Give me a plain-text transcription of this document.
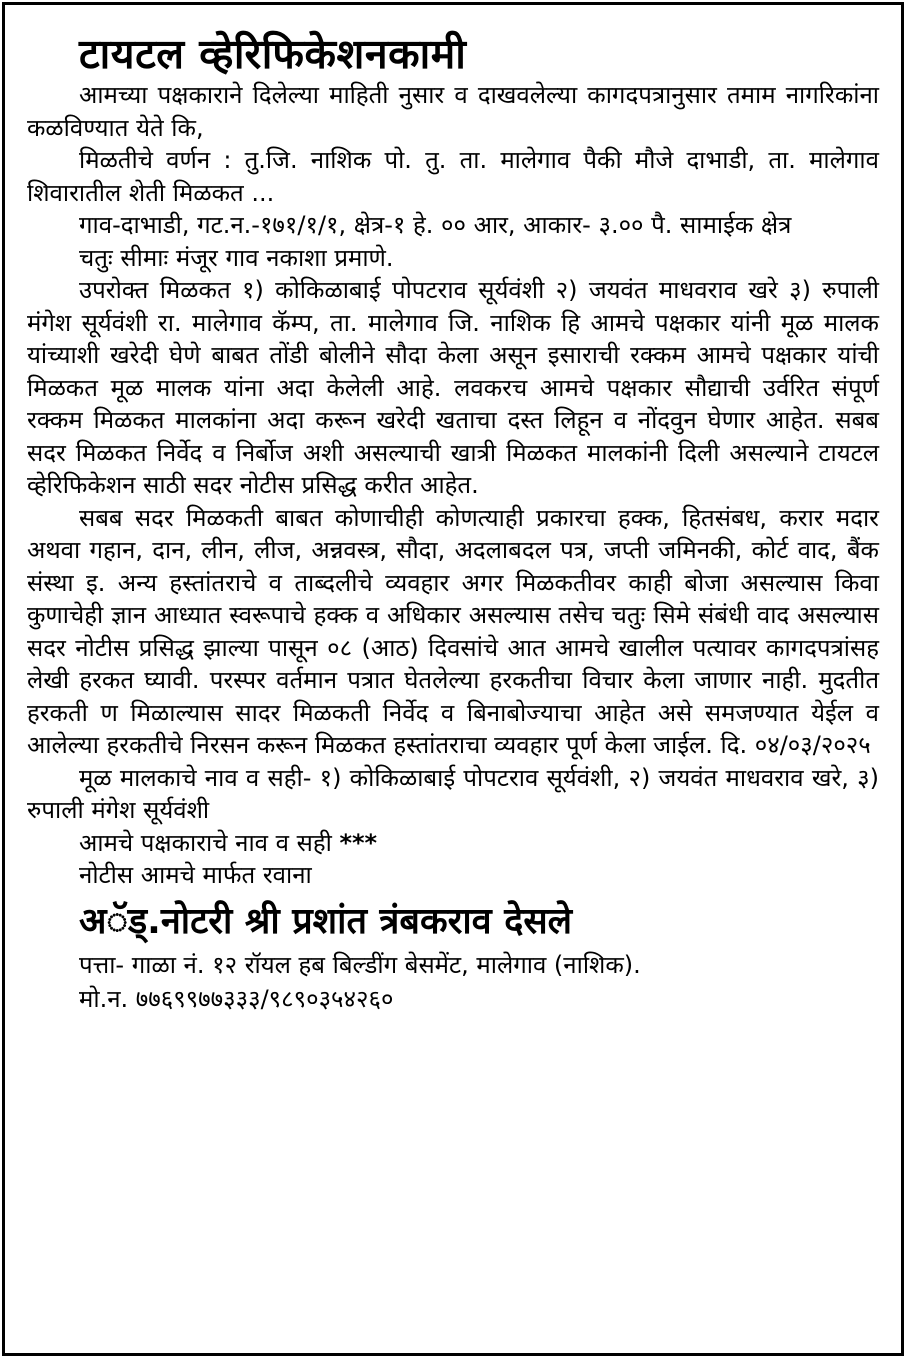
टायटल व्हेरिफिकेशनकामी

आमच्या पक्षकाराने दिलेल्या माहिती नुसार व दाखवलेल्या कागदपत्रानुसार तमाम नागरिकांना कळविण्यात येते कि,

मिळतीचे वर्णन : तु.जि. नाशिक पो. तु. ता. मालेगाव पैकी मौजे दाभाडी, ता. मालेगाव शिवारातील शेती मिळकत ...

गाव-दाभाडी, गट.न.-१७१/१/१, क्षेत्र-१ हे. ०० आर, आकार- ३.०० पै. सामाईक क्षेत्र

चतुः सीमाः मंजूर गाव नकाशा प्रमाणे.

उपरोक्त मिळकत १) कोकिळाबाई पोपटराव सूर्यवंशी २) जयवंत माधवराव खरे ३) रुपाली मंगेश सूर्यवंशी रा. मालेगाव कॅम्प, ता. मालेगाव जि. नाशिक हि आमचे पक्षकार यांनी मूळ मालक यांच्याशी खरेदी घेणे बाबत तोंडी बोलीने सौदा केला असून इसाराची रक्कम आमचे पक्षकार यांची मिळकत मूळ मालक यांना अदा केलेली आहे. लवकरच आमचे पक्षकार सौद्याची उर्वरित संपूर्ण रक्कम मिळकत मालकांना अदा करून खरेदी खताचा दस्त लिहून व नोंदवुन घेणार आहेत. सबब सदर मिळकत निर्वेद व निर्बोज अशी असल्याची खात्री मिळकत मालकांनी दिली असल्याने टायटल व्हेरिफिकेशन साठी सदर नोटीस प्रसिद्ध करीत आहेत.

सबब सदर मिळकती बाबत कोणाचीही कोणत्याही प्रकारचा हक्क, हितसंबध, करार मदार अथवा गहान, दान, लीन, लीज, अन्नवस्त्र, सौदा, अदलाबदल पत्र, जप्ती जमिनकी, कोर्ट वाद, बैंक संस्था इ. अन्य हस्तांतराचे व ताब्दलीचे व्यवहार अगर मिळकतीवर काही बोजा असल्यास किवा कुणाचेही ज्ञान आध्यात स्वरूपाचे हक्क व अधिकार असल्यास तसेच चतुः सिमे संबंधी वाद असल्यास सदर नोटीस प्रसिद्ध झाल्या पासून ०८ (आठ) दिवसांचे आत आमचे खालील पत्यावर कागदपत्रांसह लेखी हरकत घ्यावी. परस्पर वर्तमान पत्रात घेतलेल्या हरकतीचा विचार केला जाणार नाही. मुदतीत हरकती ण मिळाल्यास सादर मिळकती निर्वेद व बिनाबोज्याचा आहेत असे समजण्यात येईल व आलेल्या हरकतीचे निरसन करून मिळकत हस्तांतराचा व्यवहार पूर्ण केला जाईल. दि. ०४/०३/२०२५

मूळ मालकाचे नाव व सही- १) कोकिळाबाई पोपटराव सूर्यवंशी, २) जयवंत माधवराव खरे, ३) रुपाली मंगेश सूर्यवंशी

आमचे पक्षकाराचे नाव व सही ***

नोटीस आमचे मार्फत रवाना

अॅड्.नोटरी श्री प्रशांत त्रंबकराव देसले
पत्ता- गाळा नं. १२ रॉयल हब बिल्डींग बेसमेंट, मालेगाव (नाशिक).
मो.न. ७७६९९७७३३३/९८९०३५४२६०
